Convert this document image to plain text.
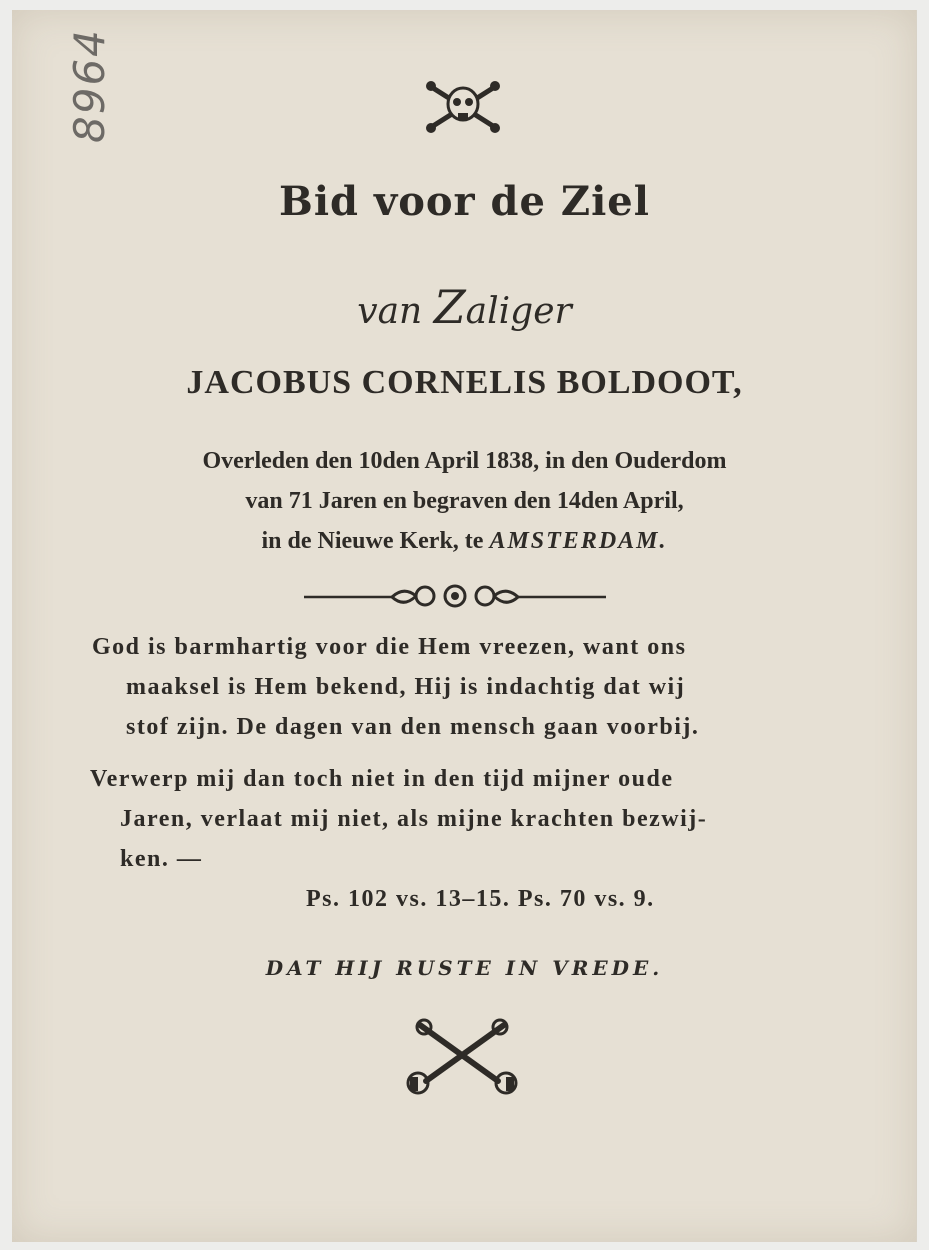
8964
Bid voor de Ziel
van Zaliger
JACOBUS CORNELIS BOLDOOT,
Overleden den 10den April 1838, in den Ouderdom
van 71 Jaren en begraven den 14den April,
in de Nieuwe Kerk, te AMSTERDAM.
God is barmhartig voor die Hem vreezen, want ons
maaksel is Hem bekend, Hij is indachtig dat wij
stof zijn. De dagen van den mensch gaan voorbij.
Verwerp mij dan toch niet in den tijd mijner oude
Jaren, verlaat mij niet, als mijne krachten bezwij-
ken. —
Ps. 102 vs. 13–15. Ps. 70 vs. 9.
DAT HIJ RUSTE IN VREDE.
